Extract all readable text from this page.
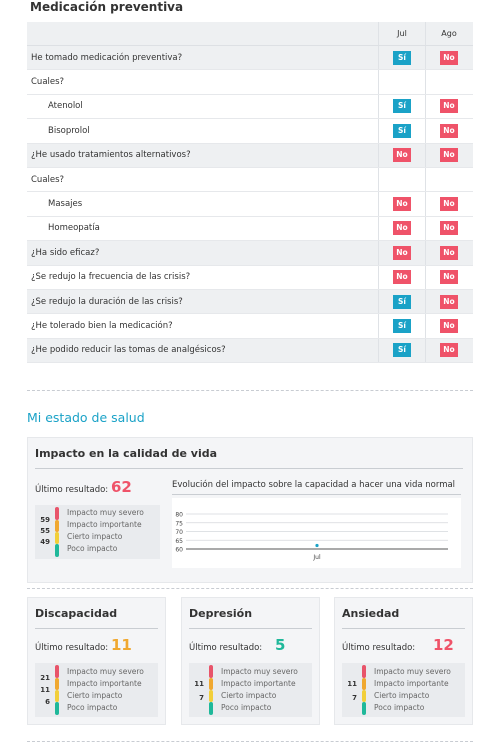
Medicación preventiva
Jul	Ago
He tomado medicación preventiva?	Sí	No
Cuales?
Atenolol	Sí	No
Bisoprolol	Sí	No
¿He usado tratamientos alternativos?	No	No
Cuales?
Masajes	No	No
Homeopatía	No	No
¿Ha sido eficaz?	No	No
¿Se redujo la frecuencia de las crisis?	No	No
¿Se redujo la duración de las crisis?	Sí	No
¿He tolerado bien la medicación?	Sí	No
¿He podido reducir las tomas de analgésicos?	Sí	No
Mi estado de salud
Impacto en la calidad de vida
Último resultado: 62
59
55
49
Impacto muy severo
Impacto importante
Cierto impacto
Poco impacto
Evolución del impacto sobre la capacidad a hacer una vida normal
80
75
70
65
60
Jul
Discapacidad
Último resultado: 11
21
11
6
Impacto muy severo
Impacto importante
Cierto impacto
Poco impacto
Depresión
Último resultado: 5
11
7
Impacto muy severo
Impacto importante
Cierto impacto
Poco impacto
Ansiedad
Último resultado: 12
11
7
Impacto muy severo
Impacto importante
Cierto impacto
Poco impacto
